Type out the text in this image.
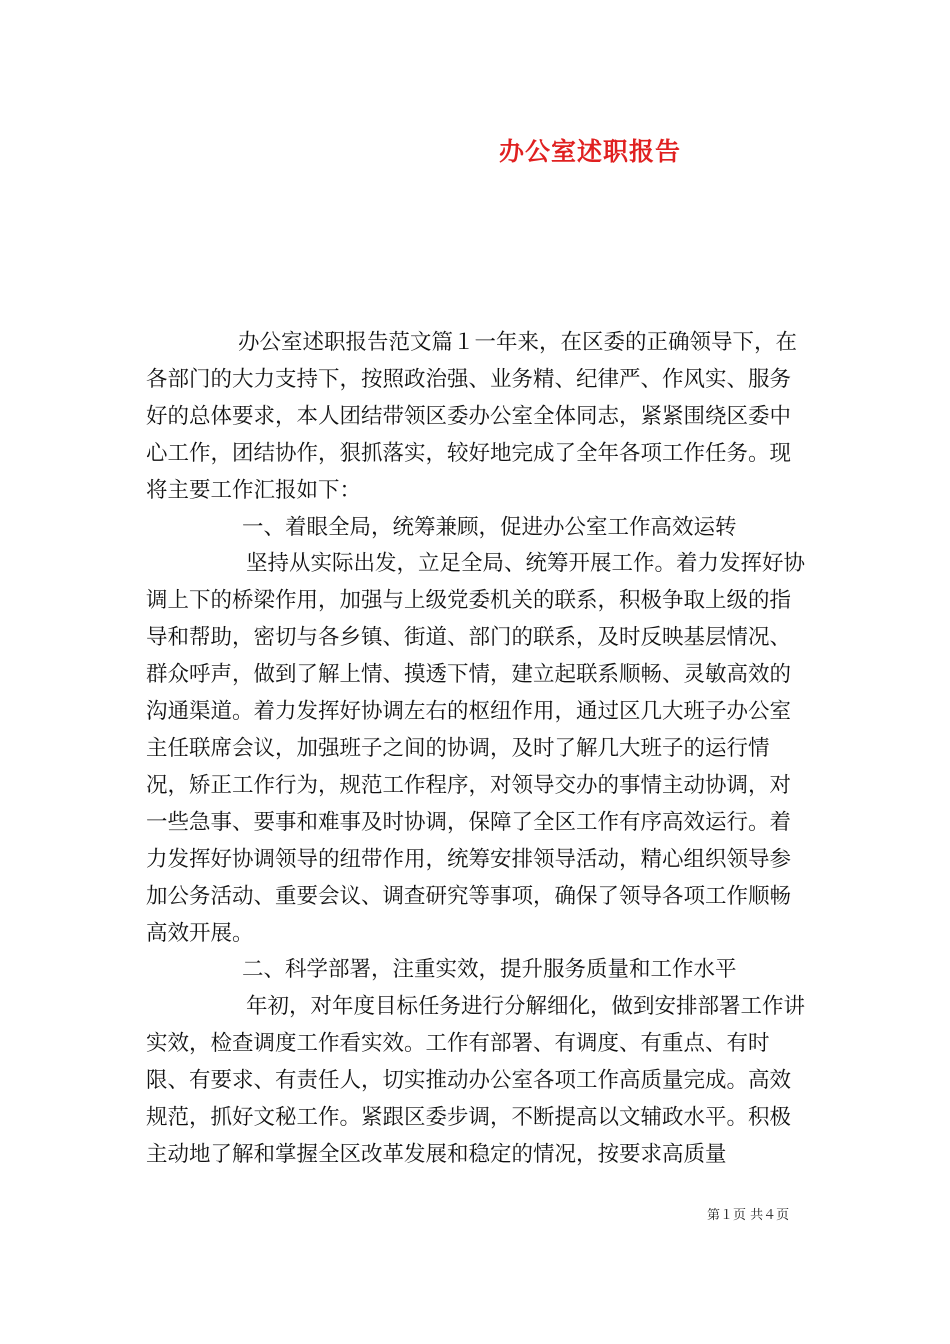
办公室述职报告

办公室述职报告范文篇１一年来，在区委的正确领导下，在各部门的大力支持下，按照政治强、业务精、纪律严、作风实、服务好的总体要求，本人团结带领区委办公室全体同志，紧紧围绕区委中心工作，团结协作，狠抓落实，较好地完成了全年各项工作任务。现将主要工作汇报如下：

一、着眼全局，统筹兼顾，促进办公室工作高效运转

坚持从实际出发，立足全局、统筹开展工作。着力发挥好协调上下的桥梁作用，加强与上级党委机关的联系，积极争取上级的指导和帮助，密切与各乡镇、街道、部门的联系，及时反映基层情况、群众呼声，做到了解上情、摸透下情，建立起联系顺畅、灵敏高效的沟通渠道。着力发挥好协调左右的枢纽作用，通过区几大班子办公室主任联席会议，加强班子之间的协调，及时了解几大班子的运行情况，矫正工作行为，规范工作程序，对领导交办的事情主动协调，对一些急事、要事和难事及时协调，保障了全区工作有序高效运行。着力发挥好协调领导的纽带作用，统筹安排领导活动，精心组织领导参加公务活动、重要会议、调查研究等事项，确保了领导各项工作顺畅高效开展。

二、科学部署，注重实效，提升服务质量和工作水平

年初，对年度目标任务进行分解细化，做到安排部署工作讲实效，检查调度工作看实效。工作有部署、有调度、有重点、有时限、有要求、有责任人，切实推动办公室各项工作高质量完成。高效规范，抓好文秘工作。紧跟区委步调，不断提高以文辅政水平。积极主动地了解和掌握全区改革发展和稳定的情况，按要求高质量

第１页 共４页
